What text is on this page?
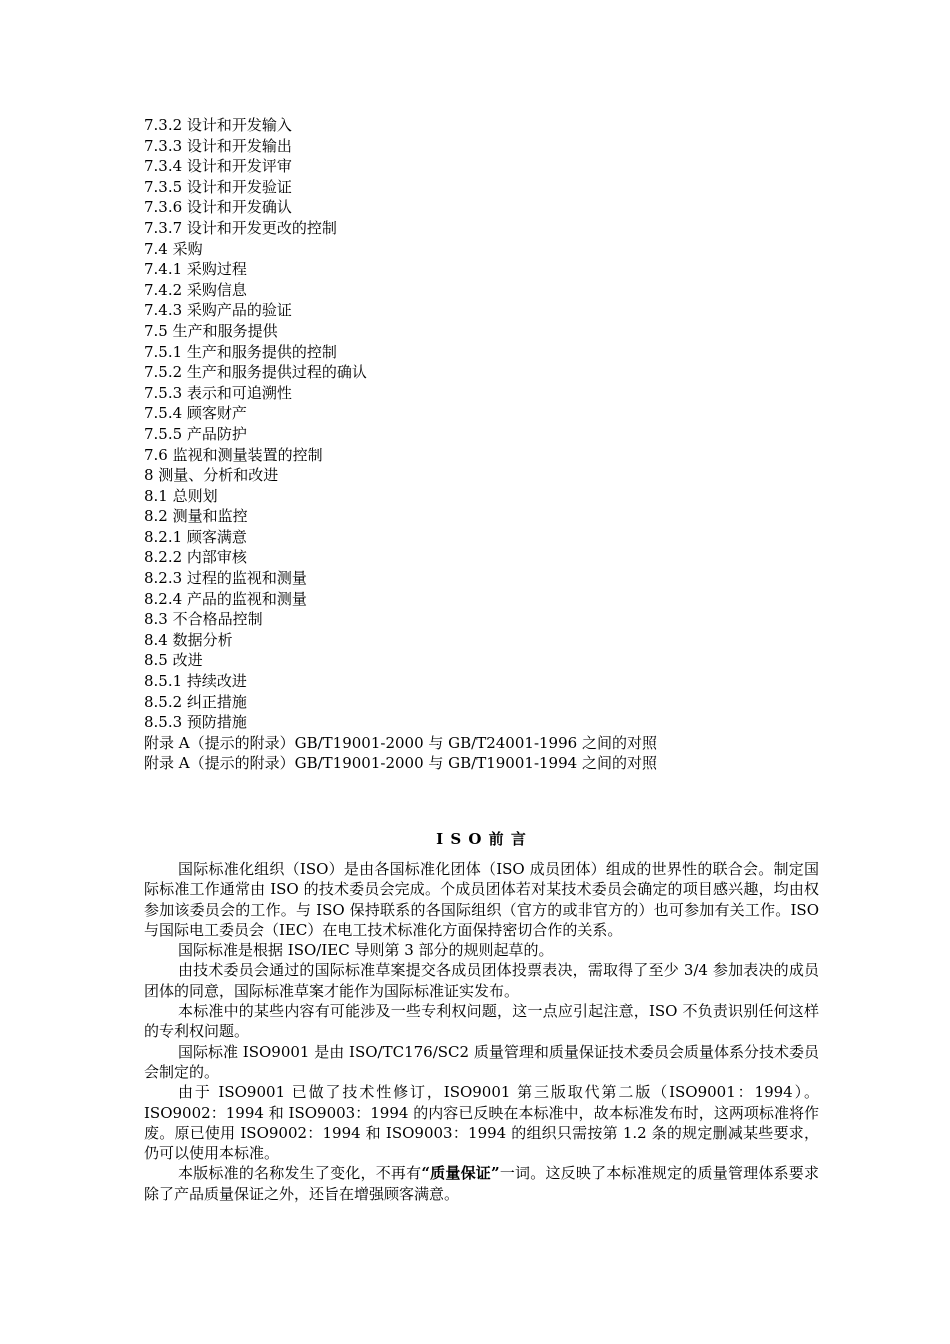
7.3.2 设计和开发输入
7.3.3 设计和开发输出
7.3.4 设计和开发评审
7.3.5 设计和开发验证
7.3.6 设计和开发确认
7.3.7 设计和开发更改的控制
7.4 采购
7.4.1 采购过程
7.4.2 采购信息
7.4.3 采购产品的验证
7.5 生产和服务提供
7.5.1 生产和服务提供的控制
7.5.2 生产和服务提供过程的确认
7.5.3 表示和可追溯性
7.5.4 顾客财产
7.5.5 产品防护
7.6 监视和测量装置的控制
8 测量、分析和改进
8.1 总则划
8.2 测量和监控
8.2.1 顾客满意
8.2.2 内部审核
8.2.3 过程的监视和测量
8.2.4 产品的监视和测量
8.3 不合格品控制
8.4 数据分析
8.5 改进
8.5.1 持续改进
8.5.2 纠正措施
8.5.3 预防措施
附录 A（提示的附录）GB/T19001-2000 与 GB/T24001-1996 之间的对照
附录 A（提示的附录）GB/T19001-2000 与 GB/T19001-1994 之间的对照
I S O 前 言

国际标准化组织（ISO）是由各国标准化团体（ISO 成员团体）组成的世界性的联合会。制定国际标准工作通常由 ISO 的技术委员会完成。个成员团体若对某技术委员会确定的项目感兴趣，均由权参加该委员会的工作。与 ISO 保持联系的各国际组织（官方的或非官方的）也可参加有关工作。ISO 与国际电工委员会（IEC）在电工技术标准化方面保持密切合作的关系。

国际标准是根据 ISO/IEC 导则第 3 部分的规则起草的。

由技术委员会通过的国际标准草案提交各成员团体投票表决，需取得了至少 3/4 参加表决的成员团体的同意，国际标准草案才能作为国际标准证实发布。

本标准中的某些内容有可能涉及一些专利权问题，这一点应引起注意，ISO 不负责识别任何这样的专利权问题。

国际标准 ISO9001 是由 ISO/TC176/SC2 质量管理和质量保证技术委员会质量体系分技术委员会制定的。

由于 ISO9001 已做了技术性修订，ISO9001 第三版取代第二版（ISO9001：1994）。ISO9002：1994 和 ISO9003：1994 的内容已反映在本标准中，故本标准发布时，这两项标准将作废。原已使用 ISO9002：1994 和 ISO9003：1994 的组织只需按第 1.2 条的规定删减某些要求，仍可以使用本标准。

本版标准的名称发生了变化，不再有“质量保证”一词。这反映了本标准规定的质量管理体系要求除了产品质量保证之外，还旨在增强顾客满意。
